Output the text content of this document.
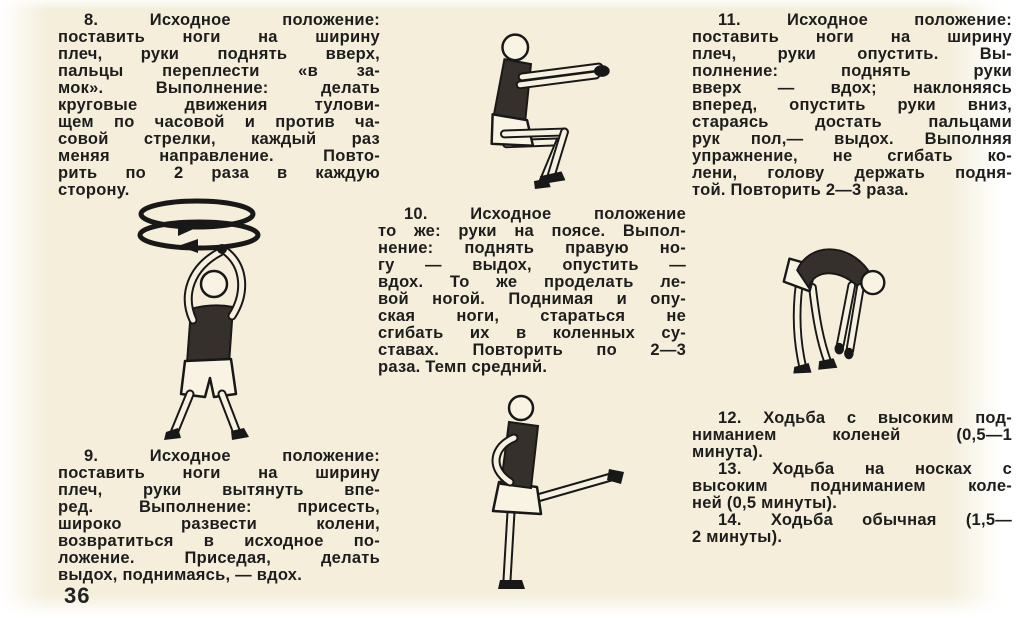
8. Исходное положение:
поставить ноги на ширину
плеч, руки поднять вверх,
пальцы переплести «в за-
мок». Выполнение: делать
круговые движения тулови-
щем по часовой и против ча-
совой стрелки, каждый раз
меняя направление. Повто-
рить по 2 раза в каждую
сторону.
9. Исходное положение:
поставить ноги на ширину
плеч, руки вытянуть впе-
ред. Выполнение: присесть,
широко развести колени,
возвратиться в исходное по-
ложение. Приседая, делать
выдох, поднимаясь, — вдох.
10. Исходное положение
то же: руки на поясе. Выпол-
нение: поднять правую но-
гу — выдох, опустить —
вдох. То же проделать ле-
вой ногой. Поднимая и опу-
ская ноги, стараться не
сгибать их в коленных су-
ставах. Повторить по 2—3
раза. Темп средний.
11. Исходное положение:
поставить ноги на ширину
плеч, руки опустить. Вы-
полнение: поднять руки
вверх — вдох; наклоняясь
вперед, опустить руки вниз,
стараясь достать пальцами
рук пол,— выдох. Выполняя
упражнение, не сгибать ко-
лени, голову держать подня-
той. Повторить 2—3 раза.
12. Ходьба с высоким под-
ниманием коленей (0,5—1
минута).
13. Ходьба на носках с
высоким подниманием коле-
ней (0,5 минуты).
14. Ходьба обычная (1,5—
2 минуты).
36
